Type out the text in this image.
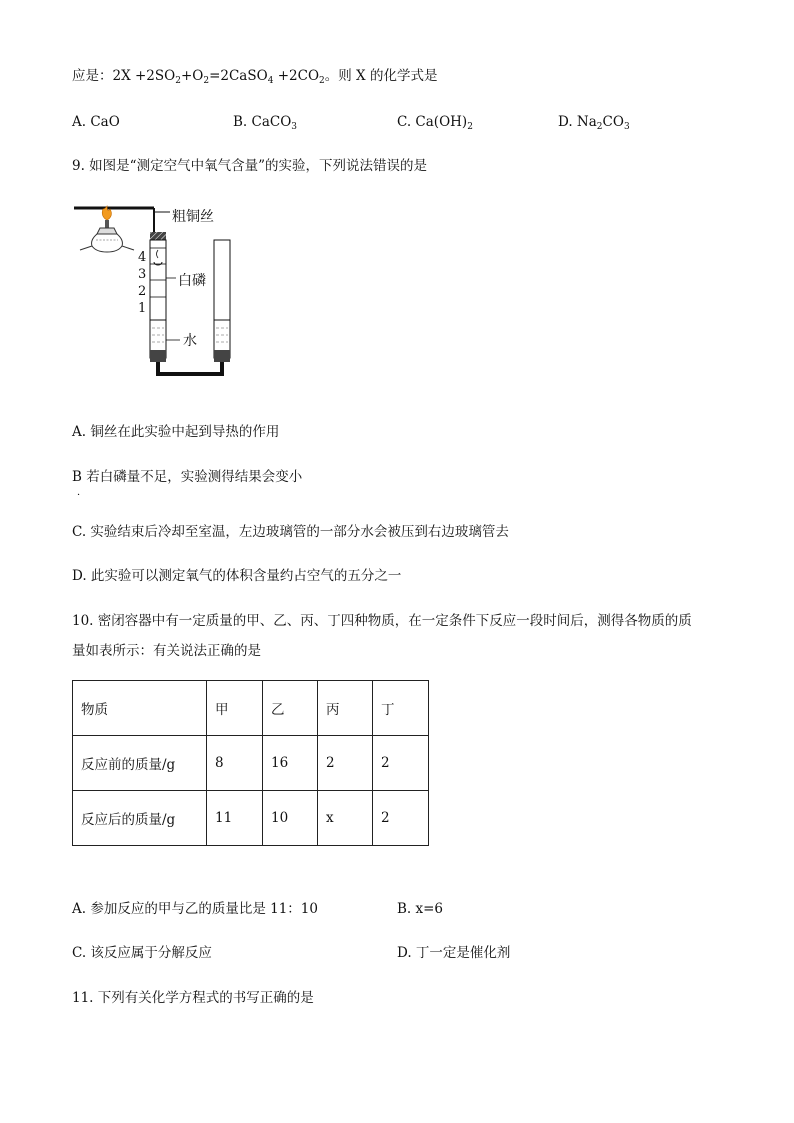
应是：$2X +2SO_2+O_2=2CaSO_4 +2CO_2$。则 X 的化学式是
A. CaO	B. CaCO$_3$	C. $Ca(OH)_2$	D. $Na_2CO_3$
9. 如图是“测定空气中氧气含量”的实验，下列说法错误的是
粗铜丝
白磷
水
4
3
2
1
A. 铜丝在此实验中起到导热的作用
B 若白磷量不足，实验测得结果会变小
．
C. 实验结束后冷却至室温，左边玻璃管的一部分水会被压到右边玻璃管去
D. 此实验可以测定氧气的体积含量约占空气的五分之一
10. 密闭容器中有一定质量的甲、乙、丙、丁四种物质，在一定条件下反应一段时间后，测得各物质的质
量如表所示：有关说法正确的是
物质	甲	乙	丙	丁
反应前的质量/g	8	16	2	2
反应后的质量/g	11	10	x	2
A. 参加反应的甲与乙的质量比是 11：10	B. x=6
C. 该反应属于分解反应	D. 丁一定是催化剂
11. 下列有关化学方程式的书写正确的是
